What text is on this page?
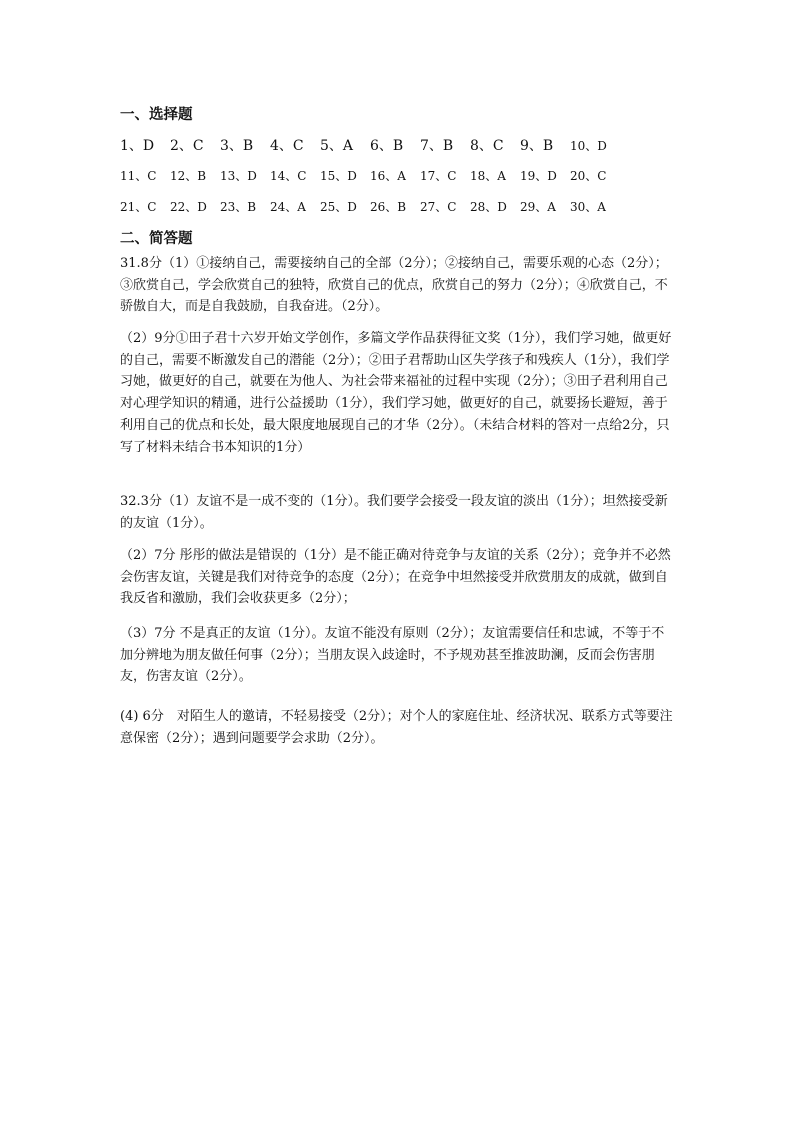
一、选择题
1、D 2、C 3、B 4、C 5、A 6、B 7、B 8、C 9、B 10、D
11、C 12、B 13、D 14、C 15、D 16、A 17、C 18、A 19、D 20、C
21、C 22、D 23、B 24、A 25、D 26、B 27、C 28、D 29、A 30、A
二、简答题

31.8分（1）①接纳自己，需要接纳自己的全部（2分）；②接纳自己，需要乐观的心态（2分）；③欣赏自己，学会欣赏自己的独特，欣赏自己的优点，欣赏自己的努力（2分）；④欣赏自己，不骄傲自大，而是自我鼓励，自我奋进。（2分）。

（2）9分①田子君十六岁开始文学创作，多篇文学作品获得征文奖（1分），我们学习她，做更好的自己，需要不断激发自己的潜能（2分）；②田子君帮助山区失学孩子和残疾人（1分），我们学习她，做更好的自己，就要在为他人、为社会带来福祉的过程中实现（2分）；③田子君利用自己对心理学知识的精通，进行公益援助（1分），我们学习她，做更好的自己，就要扬长避短，善于利用自己的优点和长处，最大限度地展现自己的才华（2分）。（未结合材料的答对一点给2分，只写了材料未结合书本知识的1分）

32.3分（1）友谊不是一成不变的（1分）。我们要学会接受一段友谊的淡出（1分）；坦然接受新的友谊（1分）。

（2）7分 彤彤的做法是错误的（1分）是不能正确对待竞争与友谊的关系（2分）；竞争并不必然会伤害友谊，关键是我们对待竞争的态度（2分）；在竞争中坦然接受并欣赏朋友的成就，做到自我反省和激励，我们会收获更多（2分）；

（3）7分 不是真正的友谊（1分）。友谊不能没有原则（2分）；友谊需要信任和忠诚，不等于不加分辨地为朋友做任何事（2分）；当朋友误入歧途时，不予规劝甚至推波助澜，反而会伤害朋友，伤害友谊（2分）。

(4) 6分　对陌生人的邀请，不轻易接受（2分）；对个人的家庭住址、经济状况、联系方式等要注意保密（2分）；遇到问题要学会求助（2分）。
